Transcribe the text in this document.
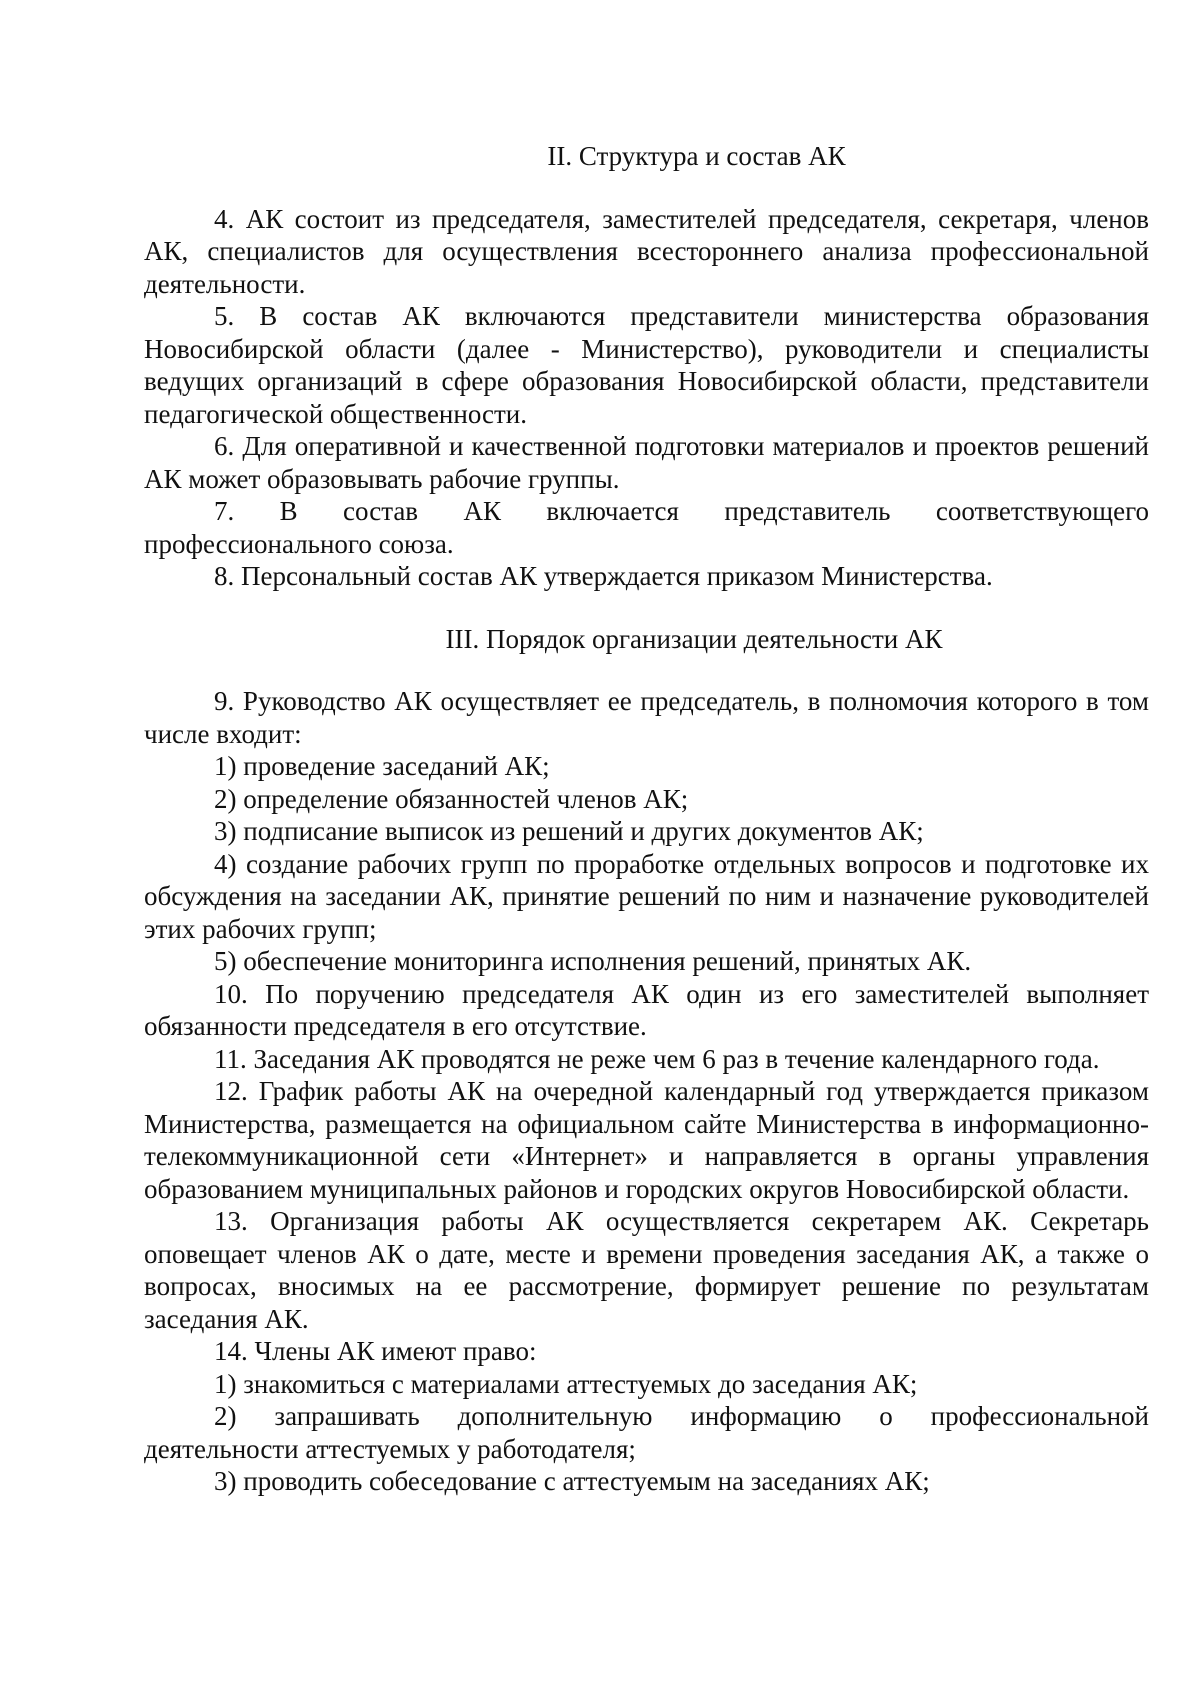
II. Структура и состав АК

4. АК состоит из председателя, заместителей председателя, секретаря, членов АК, специалистов для осуществления всестороннего анализа профессиональной деятельности.

5. В состав АК включаются представители министерства образования Новосибирской области (далее - Министерство), руководители и специалисты ведущих организаций в сфере образования Новосибирской области, представители педагогической общественности.

6. Для оперативной и качественной подготовки материалов и проектов решений АК может образовывать рабочие группы.

7. В состав АК включается представитель соответствующего профессионального союза.

8. Персональный состав АК утверждается приказом Министерства.

III. Порядок организации деятельности АК

9. Руководство АК осуществляет ее председатель, в полномочия которого в том числе входит:

1) проведение заседаний АК;

2) определение обязанностей членов АК;

3) подписание выписок из решений и других документов АК;

4) создание рабочих групп по проработке отдельных вопросов и подготовке их обсуждения на заседании АК, принятие решений по ним и назначение руководителей этих рабочих групп;

5) обеспечение мониторинга исполнения решений, принятых АК.

10. По поручению председателя АК один из его заместителей выполняет обязанности председателя в его отсутствие.

11. Заседания АК проводятся не реже чем 6 раз в течение календарного года.

12. График работы АК на очередной календарный год утверждается приказом Министерства, размещается на официальном сайте Министерства в информационно-телекоммуникационной сети «Интернет» и направляется в органы управления образованием муниципальных районов и городских округов Новосибирской области.

13. Организация работы АК осуществляется секретарем АК. Секретарь оповещает членов АК о дате, месте и времени проведения заседания АК, а также о вопросах, вносимых на ее рассмотрение, формирует решение по результатам заседания АК.

14. Члены АК имеют право:

1) знакомиться с материалами аттестуемых до заседания АК;

2) запрашивать дополнительную информацию о профессиональной деятельности аттестуемых у работодателя;

3) проводить собеседование с аттестуемым на заседаниях АК;
